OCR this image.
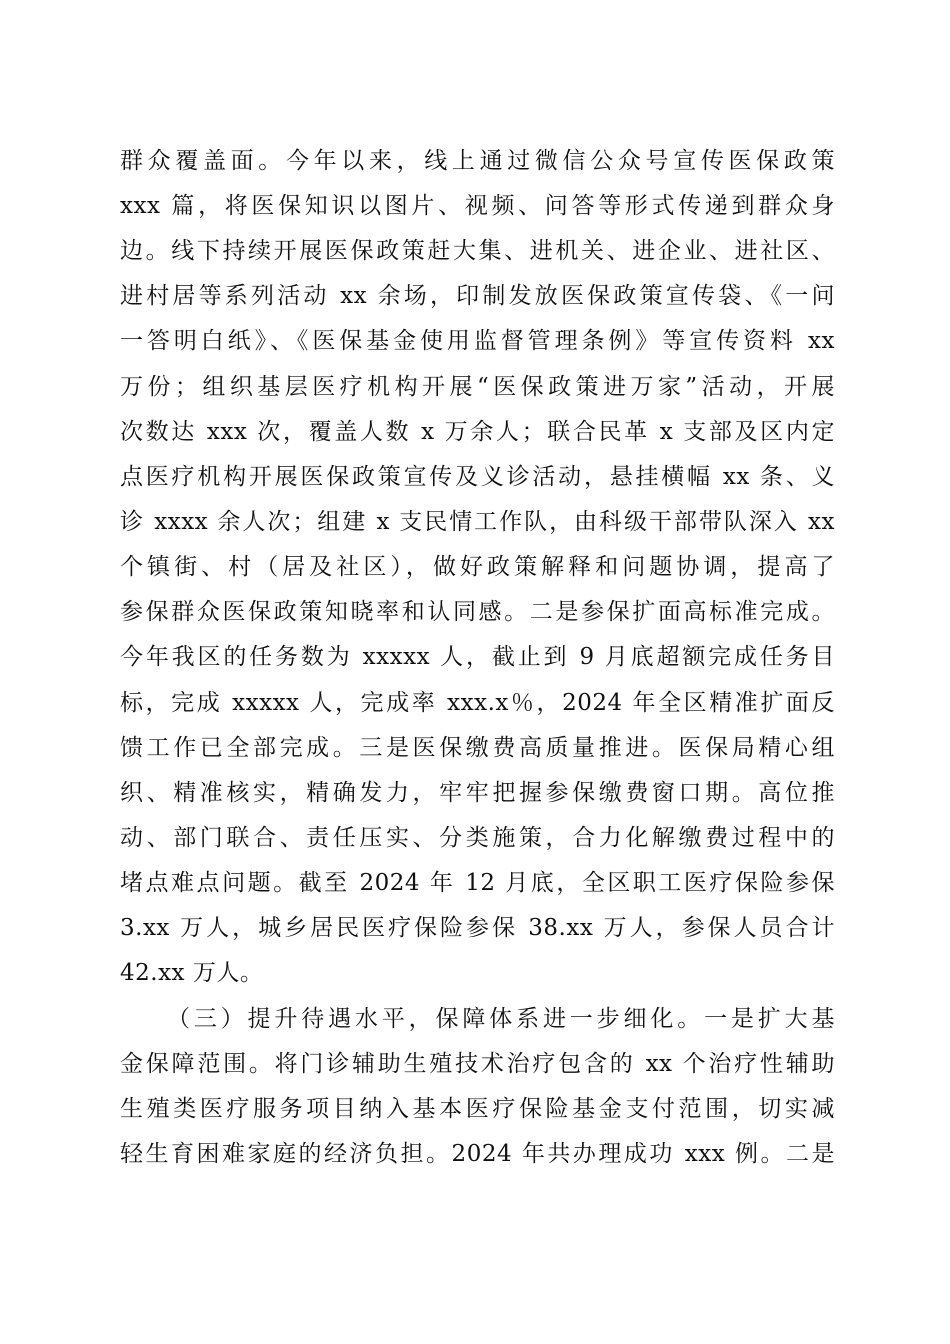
群众覆盖面。今年以来，线上通过微信公众号宣传医保政策
xxx 篇，将医保知识以图片、视频、问答等形式传递到群众身
边。线下持续开展医保政策赶大集、进机关、进企业、进社区、
进村居等系列活动 xx 余场，印制发放医保政策宣传袋、《一问
一答明白纸》、《医保基金使用监督管理条例》等宣传资料 xx
万份；组织基层医疗机构开展“医保政策进万家”活动，开展
次数达 xxx 次，覆盖人数 x 万余人；联合民革 x 支部及区内定
点医疗机构开展医保政策宣传及义诊活动，悬挂横幅 xx 条、义
诊 xxxx 余人次；组建 x 支民情工作队，由科级干部带队深入 xx
个镇街、村（居及社区），做好政策解释和问题协调，提高了
参保群众医保政策知晓率和认同感。二是参保扩面高标准完成。
今年我区的任务数为 xxxxx 人，截止到 9 月底超额完成任务目
标，完成 xxxxx 人，完成率 xxx.x％，2024 年全区精准扩面反
馈工作已全部完成。三是医保缴费高质量推进。医保局精心组
织、精准核实，精确发力，牢牢把握参保缴费窗口期。高位推
动、部门联合、责任压实、分类施策，合力化解缴费过程中的
堵点难点问题。截至 2024 年 12 月底，全区职工医疗保险参保
3.xx 万人，城乡居民医疗保险参保 38.xx 万人，参保人员合计
42.xx 万人。
（三）提升待遇水平，保障体系进一步细化。一是扩大基
金保障范围。将门诊辅助生殖技术治疗包含的 xx 个治疗性辅助
生殖类医疗服务项目纳入基本医疗保险基金支付范围，切实减
轻生育困难家庭的经济负担。2024 年共办理成功 xxx 例。二是
